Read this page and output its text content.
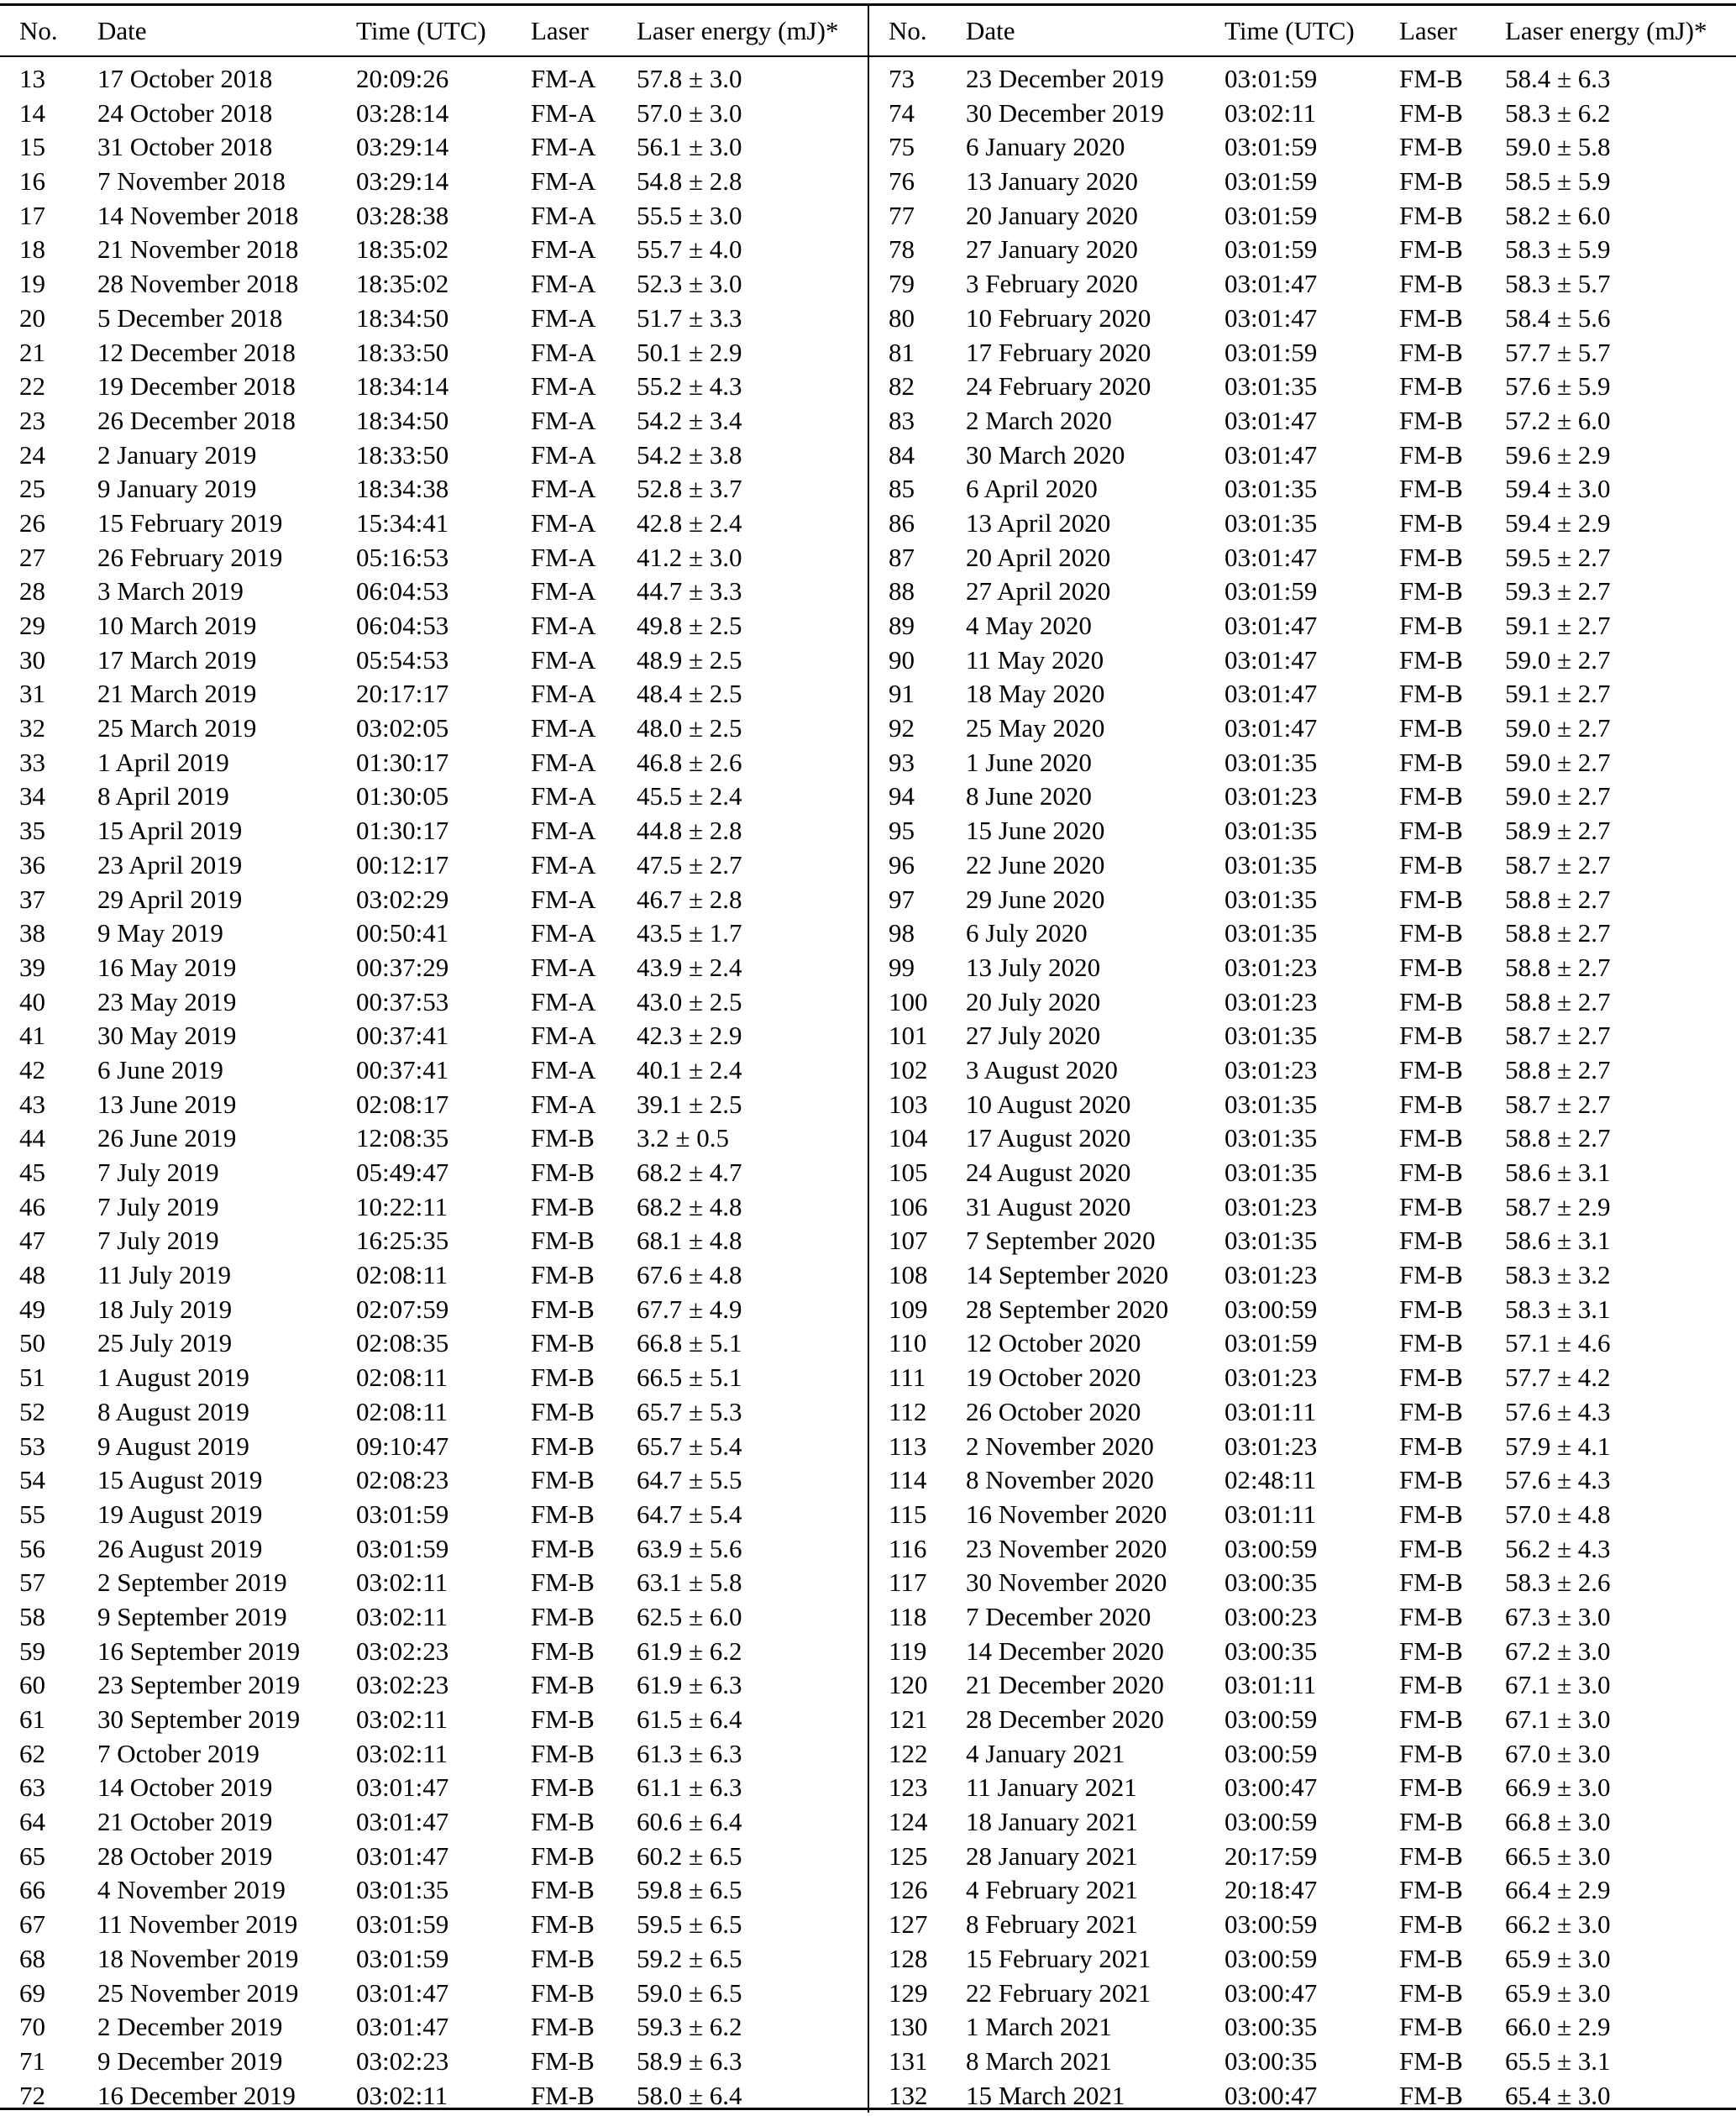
No.	Date	Time (UTC)	Laser	Laser energy (mJ)*
13	17 October 2018	20:09:26	FM-A	57.8 ± 3.0
14	24 October 2018	03:28:14	FM-A	57.0 ± 3.0
15	31 October 2018	03:29:14	FM-A	56.1 ± 3.0
16	7 November 2018	03:29:14	FM-A	54.8 ± 2.8
17	14 November 2018	03:28:38	FM-A	55.5 ± 3.0
18	21 November 2018	18:35:02	FM-A	55.7 ± 4.0
19	28 November 2018	18:35:02	FM-A	52.3 ± 3.0
20	5 December 2018	18:34:50	FM-A	51.7 ± 3.3
21	12 December 2018	18:33:50	FM-A	50.1 ± 2.9
22	19 December 2018	18:34:14	FM-A	55.2 ± 4.3
23	26 December 2018	18:34:50	FM-A	54.2 ± 3.4
24	2 January 2019	18:33:50	FM-A	54.2 ± 3.8
25	9 January 2019	18:34:38	FM-A	52.8 ± 3.7
26	15 February 2019	15:34:41	FM-A	42.8 ± 2.4
27	26 February 2019	05:16:53	FM-A	41.2 ± 3.0
28	3 March 2019	06:04:53	FM-A	44.7 ± 3.3
29	10 March 2019	06:04:53	FM-A	49.8 ± 2.5
30	17 March 2019	05:54:53	FM-A	48.9 ± 2.5
31	21 March 2019	20:17:17	FM-A	48.4 ± 2.5
32	25 March 2019	03:02:05	FM-A	48.0 ± 2.5
33	1 April 2019	01:30:17	FM-A	46.8 ± 2.6
34	8 April 2019	01:30:05	FM-A	45.5 ± 2.4
35	15 April 2019	01:30:17	FM-A	44.8 ± 2.8
36	23 April 2019	00:12:17	FM-A	47.5 ± 2.7
37	29 April 2019	03:02:29	FM-A	46.7 ± 2.8
38	9 May 2019	00:50:41	FM-A	43.5 ± 1.7
39	16 May 2019	00:37:29	FM-A	43.9 ± 2.4
40	23 May 2019	00:37:53	FM-A	43.0 ± 2.5
41	30 May 2019	00:37:41	FM-A	42.3 ± 2.9
42	6 June 2019	00:37:41	FM-A	40.1 ± 2.4
43	13 June 2019	02:08:17	FM-A	39.1 ± 2.5
44	26 June 2019	12:08:35	FM-B	3.2 ± 0.5
45	7 July 2019	05:49:47	FM-B	68.2 ± 4.7
46	7 July 2019	10:22:11	FM-B	68.2 ± 4.8
47	7 July 2019	16:25:35	FM-B	68.1 ± 4.8
48	11 July 2019	02:08:11	FM-B	67.6 ± 4.8
49	18 July 2019	02:07:59	FM-B	67.7 ± 4.9
50	25 July 2019	02:08:35	FM-B	66.8 ± 5.1
51	1 August 2019	02:08:11	FM-B	66.5 ± 5.1
52	8 August 2019	02:08:11	FM-B	65.7 ± 5.3
53	9 August 2019	09:10:47	FM-B	65.7 ± 5.4
54	15 August 2019	02:08:23	FM-B	64.7 ± 5.5
55	19 August 2019	03:01:59	FM-B	64.7 ± 5.4
56	26 August 2019	03:01:59	FM-B	63.9 ± 5.6
57	2 September 2019	03:02:11	FM-B	63.1 ± 5.8
58	9 September 2019	03:02:11	FM-B	62.5 ± 6.0
59	16 September 2019	03:02:23	FM-B	61.9 ± 6.2
60	23 September 2019	03:02:23	FM-B	61.9 ± 6.3
61	30 September 2019	03:02:11	FM-B	61.5 ± 6.4
62	7 October 2019	03:02:11	FM-B	61.3 ± 6.3
63	14 October 2019	03:01:47	FM-B	61.1 ± 6.3
64	21 October 2019	03:01:47	FM-B	60.6 ± 6.4
65	28 October 2019	03:01:47	FM-B	60.2 ± 6.5
66	4 November 2019	03:01:35	FM-B	59.8 ± 6.5
67	11 November 2019	03:01:59	FM-B	59.5 ± 6.5
68	18 November 2019	03:01:59	FM-B	59.2 ± 6.5
69	25 November 2019	03:01:47	FM-B	59.0 ± 6.5
70	2 December 2019	03:01:47	FM-B	59.3 ± 6.2
71	9 December 2019	03:02:23	FM-B	58.9 ± 6.3
72	16 December 2019	03:02:11	FM-B	58.0 ± 6.4
No.	Date	Time (UTC)	Laser	Laser energy (mJ)*
73	23 December 2019	03:01:59	FM-B	58.4 ± 6.3
74	30 December 2019	03:02:11	FM-B	58.3 ± 6.2
75	6 January 2020	03:01:59	FM-B	59.0 ± 5.8
76	13 January 2020	03:01:59	FM-B	58.5 ± 5.9
77	20 January 2020	03:01:59	FM-B	58.2 ± 6.0
78	27 January 2020	03:01:59	FM-B	58.3 ± 5.9
79	3 February 2020	03:01:47	FM-B	58.3 ± 5.7
80	10 February 2020	03:01:47	FM-B	58.4 ± 5.6
81	17 February 2020	03:01:59	FM-B	57.7 ± 5.7
82	24 February 2020	03:01:35	FM-B	57.6 ± 5.9
83	2 March 2020	03:01:47	FM-B	57.2 ± 6.0
84	30 March 2020	03:01:47	FM-B	59.6 ± 2.9
85	6 April 2020	03:01:35	FM-B	59.4 ± 3.0
86	13 April 2020	03:01:35	FM-B	59.4 ± 2.9
87	20 April 2020	03:01:47	FM-B	59.5 ± 2.7
88	27 April 2020	03:01:59	FM-B	59.3 ± 2.7
89	4 May 2020	03:01:47	FM-B	59.1 ± 2.7
90	11 May 2020	03:01:47	FM-B	59.0 ± 2.7
91	18 May 2020	03:01:47	FM-B	59.1 ± 2.7
92	25 May 2020	03:01:47	FM-B	59.0 ± 2.7
93	1 June 2020	03:01:35	FM-B	59.0 ± 2.7
94	8 June 2020	03:01:23	FM-B	59.0 ± 2.7
95	15 June 2020	03:01:35	FM-B	58.9 ± 2.7
96	22 June 2020	03:01:35	FM-B	58.7 ± 2.7
97	29 June 2020	03:01:35	FM-B	58.8 ± 2.7
98	6 July 2020	03:01:35	FM-B	58.8 ± 2.7
99	13 July 2020	03:01:23	FM-B	58.8 ± 2.7
100	20 July 2020	03:01:23	FM-B	58.8 ± 2.7
101	27 July 2020	03:01:35	FM-B	58.7 ± 2.7
102	3 August 2020	03:01:23	FM-B	58.8 ± 2.7
103	10 August 2020	03:01:35	FM-B	58.7 ± 2.7
104	17 August 2020	03:01:35	FM-B	58.8 ± 2.7
105	24 August 2020	03:01:35	FM-B	58.6 ± 3.1
106	31 August 2020	03:01:23	FM-B	58.7 ± 2.9
107	7 September 2020	03:01:35	FM-B	58.6 ± 3.1
108	14 September 2020	03:01:23	FM-B	58.3 ± 3.2
109	28 September 2020	03:00:59	FM-B	58.3 ± 3.1
110	12 October 2020	03:01:59	FM-B	57.1 ± 4.6
111	19 October 2020	03:01:23	FM-B	57.7 ± 4.2
112	26 October 2020	03:01:11	FM-B	57.6 ± 4.3
113	2 November 2020	03:01:23	FM-B	57.9 ± 4.1
114	8 November 2020	02:48:11	FM-B	57.6 ± 4.3
115	16 November 2020	03:01:11	FM-B	57.0 ± 4.8
116	23 November 2020	03:00:59	FM-B	56.2 ± 4.3
117	30 November 2020	03:00:35	FM-B	58.3 ± 2.6
118	7 December 2020	03:00:23	FM-B	67.3 ± 3.0
119	14 December 2020	03:00:35	FM-B	67.2 ± 3.0
120	21 December 2020	03:01:11	FM-B	67.1 ± 3.0
121	28 December 2020	03:00:59	FM-B	67.1 ± 3.0
122	4 January 2021	03:00:59	FM-B	67.0 ± 3.0
123	11 January 2021	03:00:47	FM-B	66.9 ± 3.0
124	18 January 2021	03:00:59	FM-B	66.8 ± 3.0
125	28 January 2021	20:17:59	FM-B	66.5 ± 3.0
126	4 February 2021	20:18:47	FM-B	66.4 ± 2.9
127	8 February 2021	03:00:59	FM-B	66.2 ± 3.0
128	15 February 2021	03:00:59	FM-B	65.9 ± 3.0
129	22 February 2021	03:00:47	FM-B	65.9 ± 3.0
130	1 March 2021	03:00:35	FM-B	66.0 ± 2.9
131	8 March 2021	03:00:35	FM-B	65.5 ± 3.1
132	15 March 2021	03:00:47	FM-B	65.4 ± 3.0
